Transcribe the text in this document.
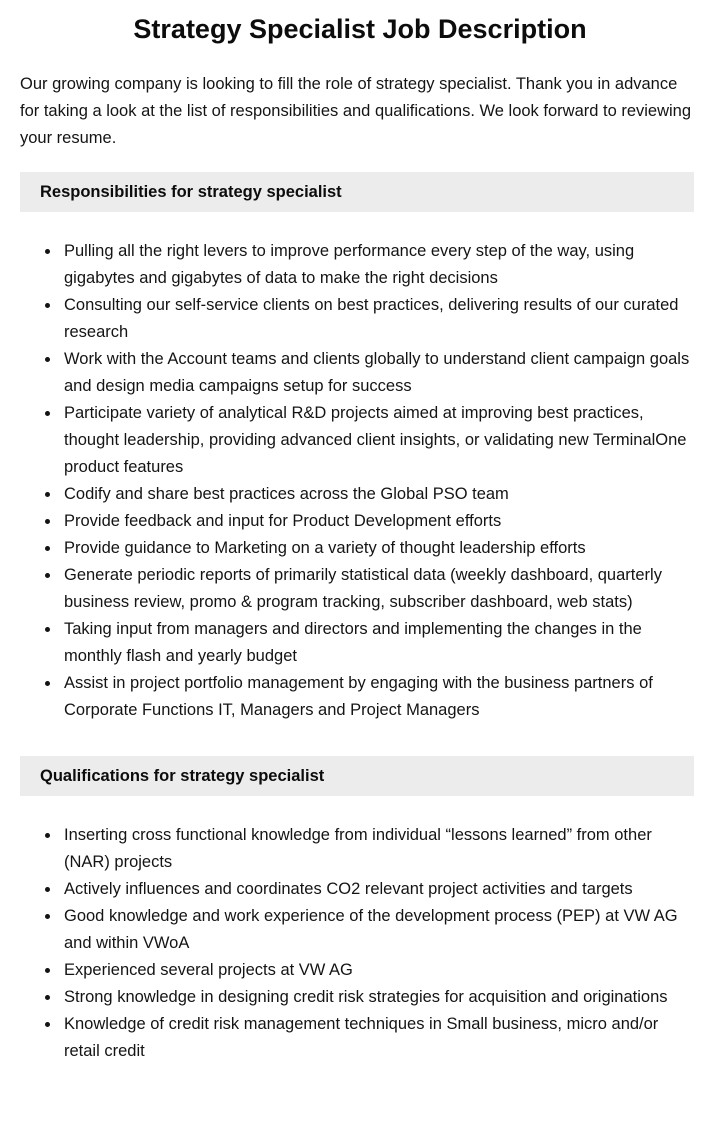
Strategy Specialist Job Description

Our growing company is looking to fill the role of strategy specialist. Thank you in advance for taking a look at the list of responsibilities and qualifications. We look forward to reviewing your resume.

Responsibilities for strategy specialist
• Pulling all the right levers to improve performance every step of the way, using gigabytes and gigabytes of data to make the right decisions
• Consulting our self-service clients on best practices, delivering results of our curated research
• Work with the Account teams and clients globally to understand client campaign goals and design media campaigns setup for success
• Participate variety of analytical R&D projects aimed at improving best practices, thought leadership, providing advanced client insights, or validating new TerminalOne product features
• Codify and share best practices across the Global PSO team
• Provide feedback and input for Product Development efforts
• Provide guidance to Marketing on a variety of thought leadership efforts
• Generate periodic reports of primarily statistical data (weekly dashboard, quarterly business review, promo & program tracking, subscriber dashboard, web stats)
• Taking input from managers and directors and implementing the changes in the monthly flash and yearly budget
• Assist in project portfolio management by engaging with the business partners of Corporate Functions IT, Managers and Project Managers
Qualifications for strategy specialist
• Inserting cross functional knowledge from individual “lessons learned” from other (NAR) projects
• Actively influences and coordinates CO2 relevant project activities and targets
• Good knowledge and work experience of the development process (PEP) at VW AG and within VWoA
• Experienced several projects at VW AG
• Strong knowledge in designing credit risk strategies for acquisition and originations
• Knowledge of credit risk management techniques in Small business, micro and/or retail credit
